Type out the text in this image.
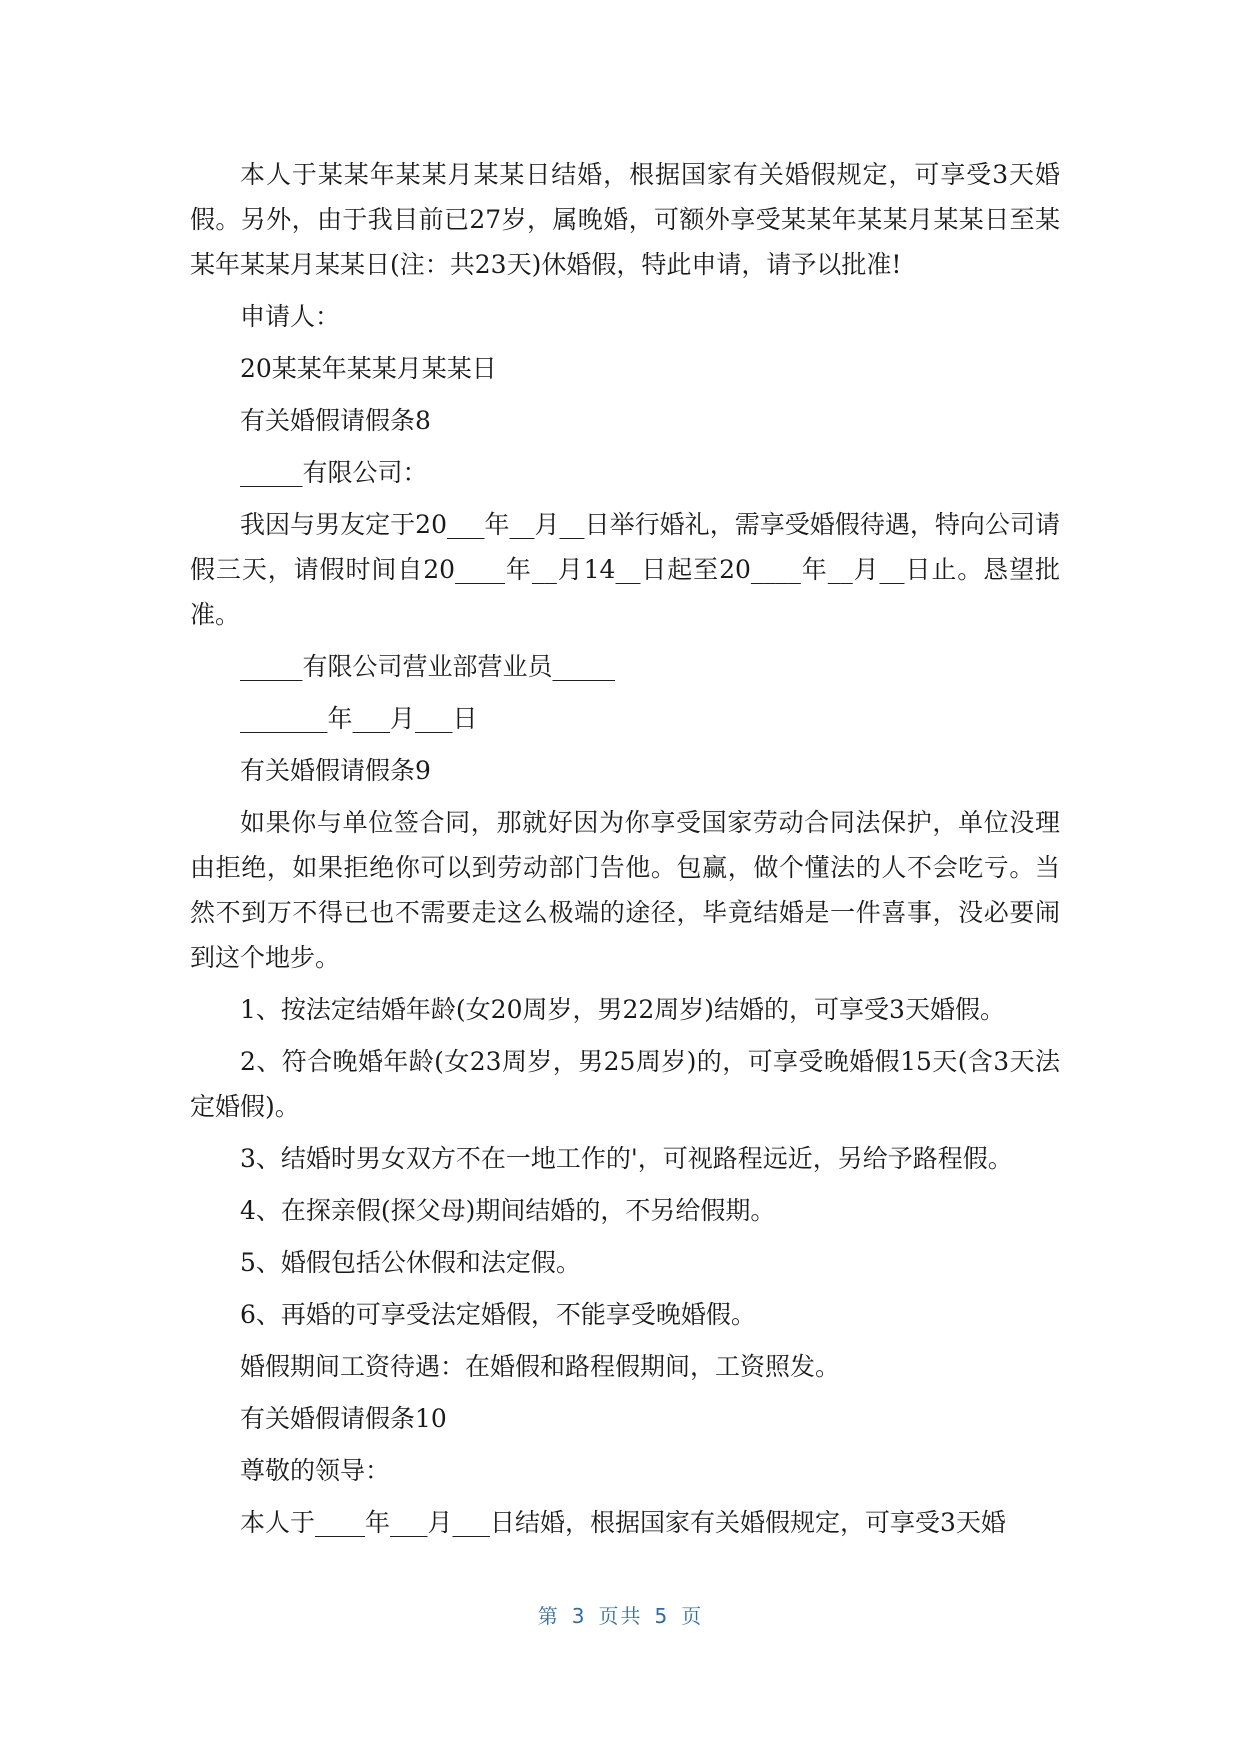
本人于某某年某某月某某日结婚，根据国家有关婚假规定，可享受3天婚假。另外，由于我目前已27岁，属晚婚，可额外享受某某年某某月某某日至某某年某某月某某日(注：共23天)休婚假，特此申请，请予以批准!

申请人：

20某某年某某月某某日

有关婚假请假条8

_____有限公司：

我因与男友定于20___年__月__日举行婚礼，需享受婚假待遇，特向公司请假三天，请假时间自20____年__月14__日起至20____年__月__日止。恳望批准。

_____有限公司营业部营业员_____

_______年___月___日

有关婚假请假条9

如果你与单位签合同，那就好因为你享受国家劳动合同法保护，单位没理由拒绝，如果拒绝你可以到劳动部门告他。包赢，做个懂法的人不会吃亏。当然不到万不得已也不需要走这么极端的途径，毕竟结婚是一件喜事，没必要闹到这个地步。

1、按法定结婚年龄(女20周岁，男22周岁)结婚的，可享受3天婚假。

2、符合晚婚年龄(女23周岁，男25周岁)的，可享受晚婚假15天(含3天法定婚假)。

3、结婚时男女双方不在一地工作的'，可视路程远近，另给予路程假。

4、在探亲假(探父母)期间结婚的，不另给假期。

5、婚假包括公休假和法定假。

6、再婚的可享受法定婚假，不能享受晚婚假。

婚假期间工资待遇：在婚假和路程假期间，工资照发。

有关婚假请假条10

尊敬的领导：

本人于____年___月___日结婚，根据国家有关婚假规定，可享受3天婚

第 3 页共 5 页
